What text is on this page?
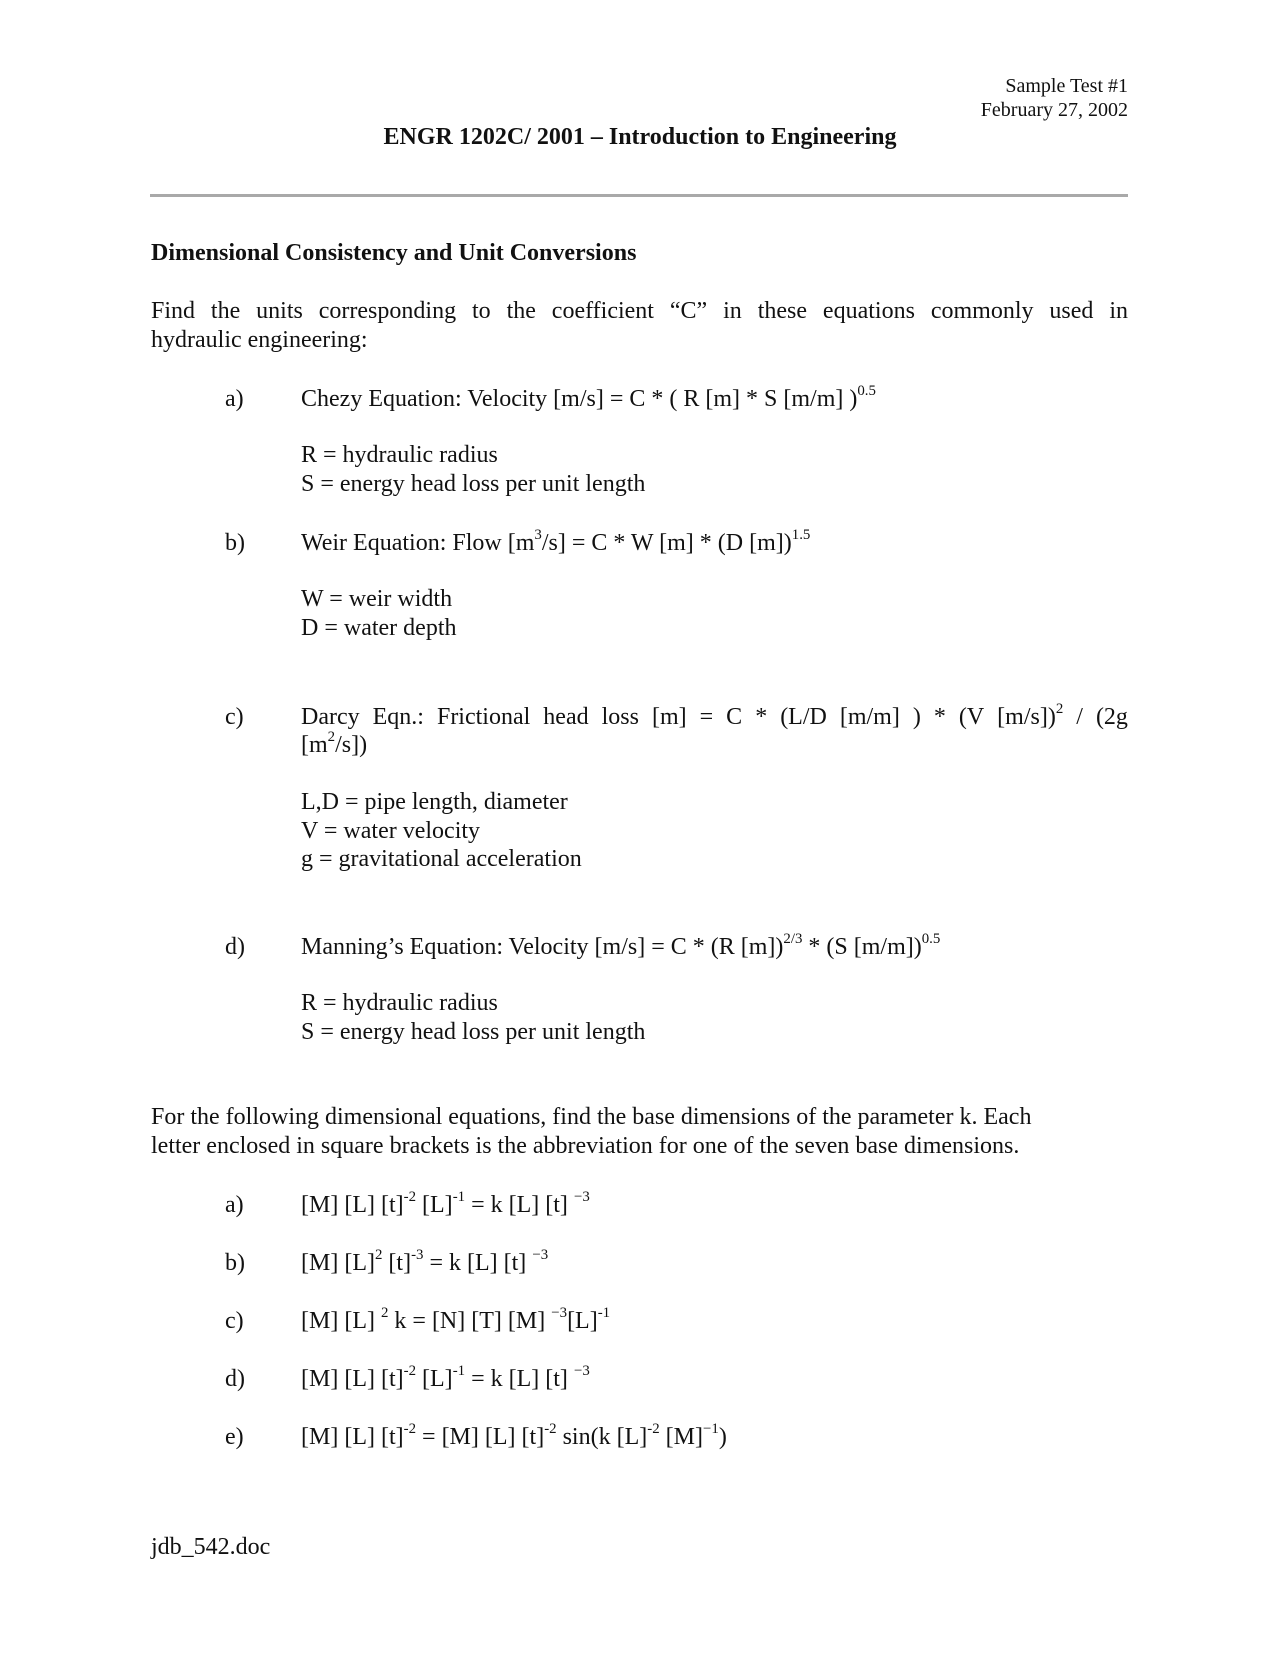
Sample Test #1
February 27, 2002
ENGR 1202C/ 2001 – Introduction to Engineering
Dimensional Consistency and Unit Conversions
Find the units corresponding to the coefficient “C” in these equations commonly used in
hydraulic engineering:
a) Chezy Equation: Velocity [m/s] = C * ( R [m] * S [m/m] )$^{0.5}$
R = hydraulic radius
S = energy head loss per unit length
b) Weir Equation: Flow $[m^3/s] = C * W$ [m] * (D [m])$^{1.5}$
W = weir width
D = water depth
c) Darcy Eqn.: Frictional head loss [m] = C * (L/D [m/m] ) * (V [m/s])$^2$ / (2g
$[m^2/s]$)
L,D = pipe length, diameter
V = water velocity
g = gravitational acceleration
d) Manning’s Equation: Velocity [m/s] = C * (R [m])$^{2/3}$ * (S [m/m])$^{0.5}$
R = hydraulic radius
S = energy head loss per unit length
For the following dimensional equations, find the base dimensions of the parameter k. Each
letter enclosed in square brackets is the abbreviation for one of the seven base dimensions.
a) [M] [L] $[t]^{-2}$ $[L]^{-1} = k$ [L] [t] $^{-3}$
b) [M] $[L]^2$ $[t]^{-3} = k$ [L] [t] $^{-3}$
c) [M] [L] $^2$ k = [N] [T] [M] $^{-3}[L]^{-1}$
d) [M] [L] $[t]^{-2}$ $[L]^{-1} = k$ [L] [t] $^{-3}$
e) [M] [L] $[t]^{-2} = [M]$ [L] $[t]^{-2}$ sin(k $[L]^{-2}$ $[M]^{-1}$)
jdb_542.doc
